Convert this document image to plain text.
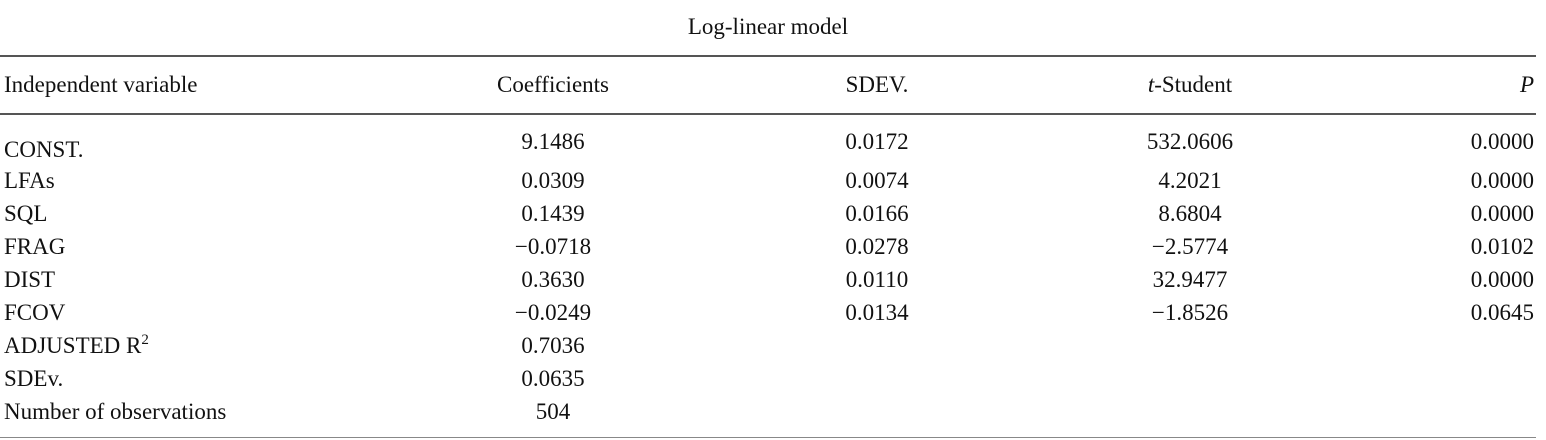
Log-linear model
Independent variable	Coefficients	SDEV.	t-Student	P
CONST.	9.1486	0.0172	532.0606	0.0000
LFAs	0.0309	0.0074	4.2021	0.0000
SQL	0.1439	0.0166	8.6804	0.0000
FRAG	−0.0718	0.0278	−2.5774	0.0102
DIST	0.3630	0.0110	32.9477	0.0000
FCOV	−0.0249	0.0134	−1.8526	0.0645
ADJUSTED $R^2$	0.7036
SDEv.	0.0635
Number of observations	504
